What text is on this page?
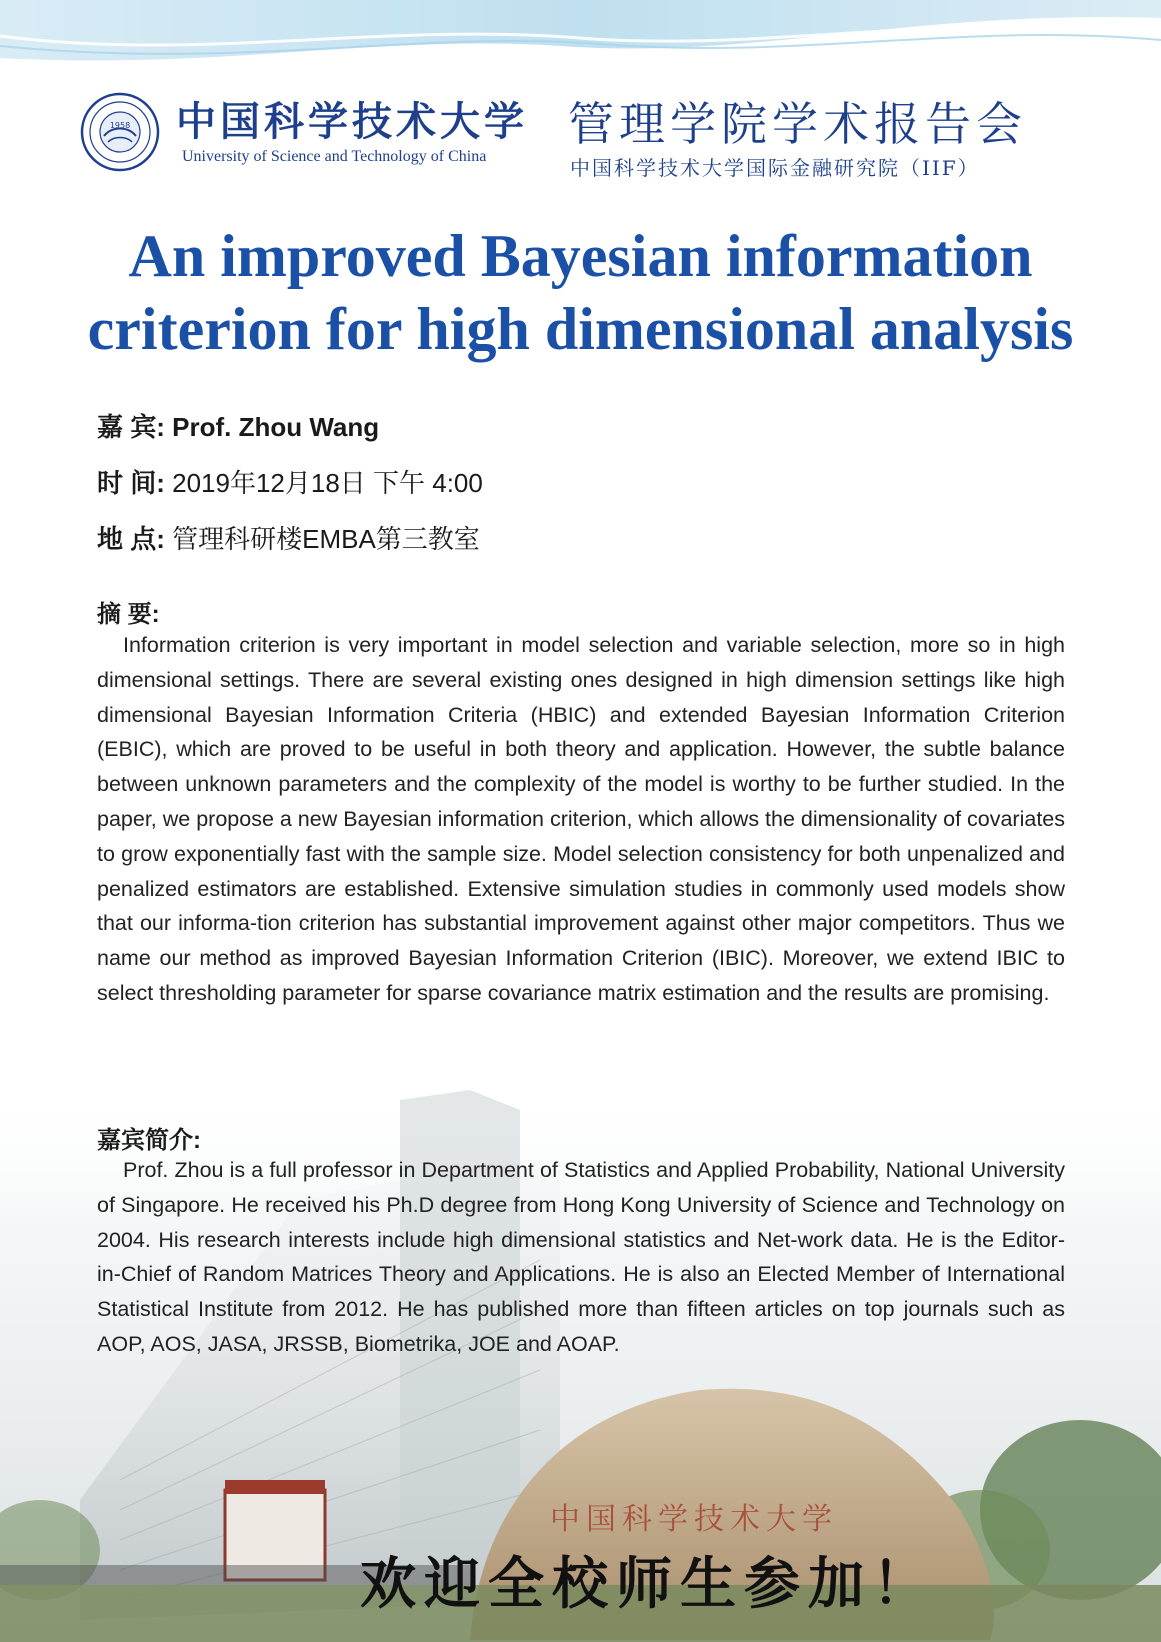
1958 中国科学技术大学
University of Science and Technology of China
管理学院学术报告会
中国科学技术大学国际金融研究院（IIF）
An improved Bayesian information
criterion for high dimensional analysis
嘉 宾: Prof. Zhou Wang
时 间: 2019年12月18日 下午 4:00
地 点: 管理科研楼EMBA第三教室
摘 要:
Information criterion is very important in model selection and variable selection, more so in high dimensional settings. There are several existing ones designed in high dimension settings like high dimensional Bayesian Information Criteria (HBIC) and extended Bayesian Information Criterion (EBIC), which are proved to be useful in both theory and application. However, the subtle balance between unknown parameters and the complexity of the model is worthy to be further studied. In the paper, we propose a new Bayesian information criterion, which allows the dimensionality of covariates to grow exponentially fast with the sample size. Model selection consistency for both unpenalized and penalized estimators are established. Extensive simulation studies in commonly used models show that our informa-tion criterion has substantial improvement against other major competitors. Thus we name our method as improved Bayesian Information Criterion (IBIC). Moreover, we extend IBIC to select thresholding parameter for sparse covariance matrix estimation and the results are promising.
中国科学技术大学
嘉宾简介:
Prof. Zhou is a full professor in Department of Statistics and Applied Probability, National University of Singapore. He received his Ph.D degree from Hong Kong University of Science and Technology on 2004. His research interests include high dimensional statistics and Net-work data. He is the Editor-in-Chief of Random Matrices Theory and Applications. He is also an Elected Member of International Statistical Institute from 2012. He has published more than fifteen articles on top journals such as AOP, AOS, JASA, JRSSB, Biometrika, JOE and AOAP.
欢迎全校师生参加！
